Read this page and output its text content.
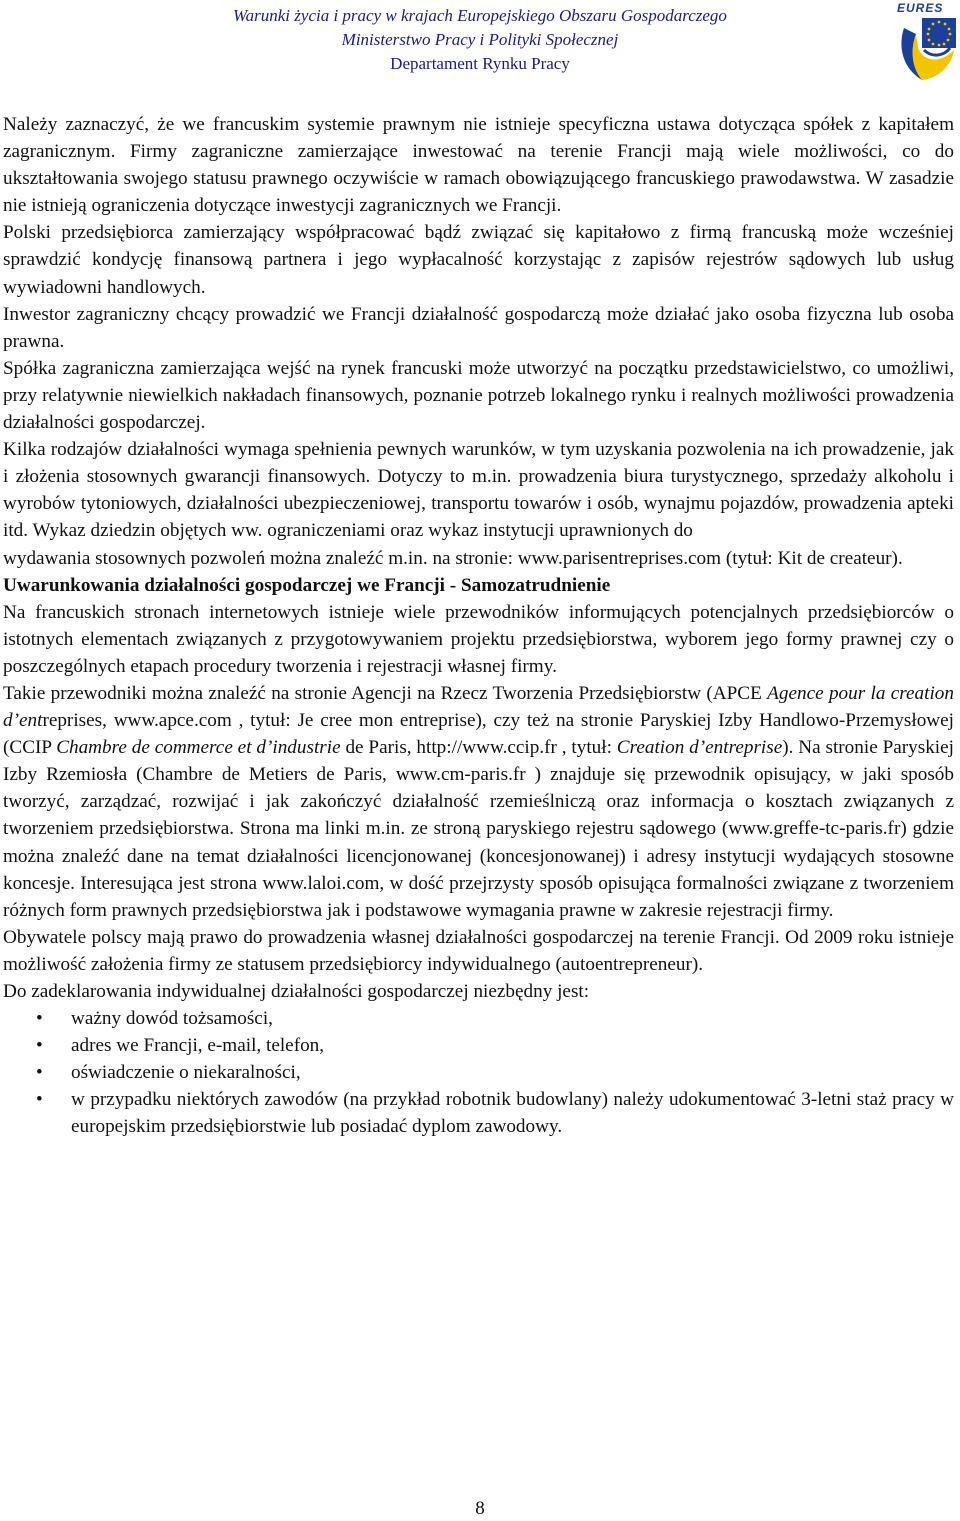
Warunki życia i pracy w krajach Europejskiego Obszaru Gospodarczego
Ministerstwo Pracy i Polityki Społecznej
Departament Rynku Pracy
EURES

Należy zaznaczyć, że we francuskim systemie prawnym nie istnieje specyficzna ustawa dotycząca spółek z kapitałem zagranicznym. Firmy zagraniczne zamierzające inwestować na terenie Francji mają wiele możliwości, co do ukształtowania swojego statusu prawnego oczywiście w ramach obowiązującego francuskiego prawodawstwa. W zasadzie nie istnieją ograniczenia dotyczące inwestycji zagranicznych we Francji.

Polski przedsiębiorca zamierzający współpracować bądź związać się kapitałowo z firmą francuską może wcześniej sprawdzić kondycję finansową partnera i jego wypłacalność korzystając z zapisów rejestrów sądowych lub usług wywiadowni handlowych.

Inwestor zagraniczny chcący prowadzić we Francji działalność gospodarczą może działać jako osoba fizyczna lub osoba prawna.

Spółka zagraniczna zamierzająca wejść na rynek francuski może utworzyć na początku przedstawicielstwo, co umożliwi, przy relatywnie niewielkich nakładach finansowych, poznanie potrzeb lokalnego rynku i realnych możliwości prowadzenia działalności gospodarczej.

Kilka rodzajów działalności wymaga spełnienia pewnych warunków, w tym uzyskania pozwolenia na ich prowadzenie, jak i złożenia stosownych gwarancji finansowych. Dotyczy to m.in. prowadzenia biura turystycznego, sprzedaży alkoholu i wyrobów tytoniowych, działalności ubezpieczeniowej, transportu towarów i osób, wynajmu pojazdów, prowadzenia apteki itd. Wykaz dziedzin objętych ww. ograniczeniami oraz wykaz instytucji uprawnionych do

wydawania stosownych pozwoleń można znaleźć m.in. na stronie: www.parisentreprises.com (tytuł: Kit de createur).

Uwarunkowania działalności gospodarczej we Francji - Samozatrudnienie

Na francuskich stronach internetowych istnieje wiele przewodników informujących potencjalnych przedsiębiorców o istotnych elementach związanych z przygotowywaniem projektu przedsiębiorstwa, wyborem jego formy prawnej czy o poszczególnych etapach procedury tworzenia i rejestracji własnej firmy.

Takie przewodniki można znaleźć na stronie Agencji na Rzecz Tworzenia Przedsiębiorstw (APCE Agence pour la creation d’entreprises, www.apce.com , tytuł: Je cree mon entreprise), czy też na stronie Paryskiej Izby Handlowo-Przemysłowej (CCIP Chambre de commerce et d’industrie de Paris, http://www.ccip.fr , tytuł: Creation d’entreprise). Na stronie Paryskiej Izby Rzemiosła (Chambre de Metiers de Paris, www.cm-paris.fr ) znajduje się przewodnik opisujący, w jaki sposób tworzyć, zarządzać, rozwijać i jak zakończyć działalność rzemieślniczą oraz informacja o kosztach związanych z tworzeniem przedsiębiorstwa. Strona ma linki m.in. ze stroną paryskiego rejestru sądowego (www.greffe-tc-paris.fr) gdzie można znaleźć dane na temat działalności licencjonowanej (koncesjonowanej) i adresy instytucji wydających stosowne koncesje. Interesująca jest strona www.laloi.com, w dość przejrzysty sposób opisująca formalności związane z tworzeniem różnych form prawnych przedsiębiorstwa jak i podstawowe wymagania prawne w zakresie rejestracji firmy.

Obywatele polscy mają prawo do prowadzenia własnej działalności gospodarczej na terenie Francji. Od 2009 roku istnieje możliwość założenia firmy ze statusem przedsiębiorcy indywidualnego (autoentrepreneur).

Do zadeklarowania indywidualnej działalności gospodarczej niezbędny jest:

• ważny dowód tożsamości,
• adres we Francji, e-mail, telefon,
• oświadczenie o niekaralności,
• w przypadku niektórych zawodów (na przykład robotnik budowlany) należy udokumentować 3-letni staż pracy w europejskim przedsiębiorstwie lub posiadać dyplom zawodowy.
8
